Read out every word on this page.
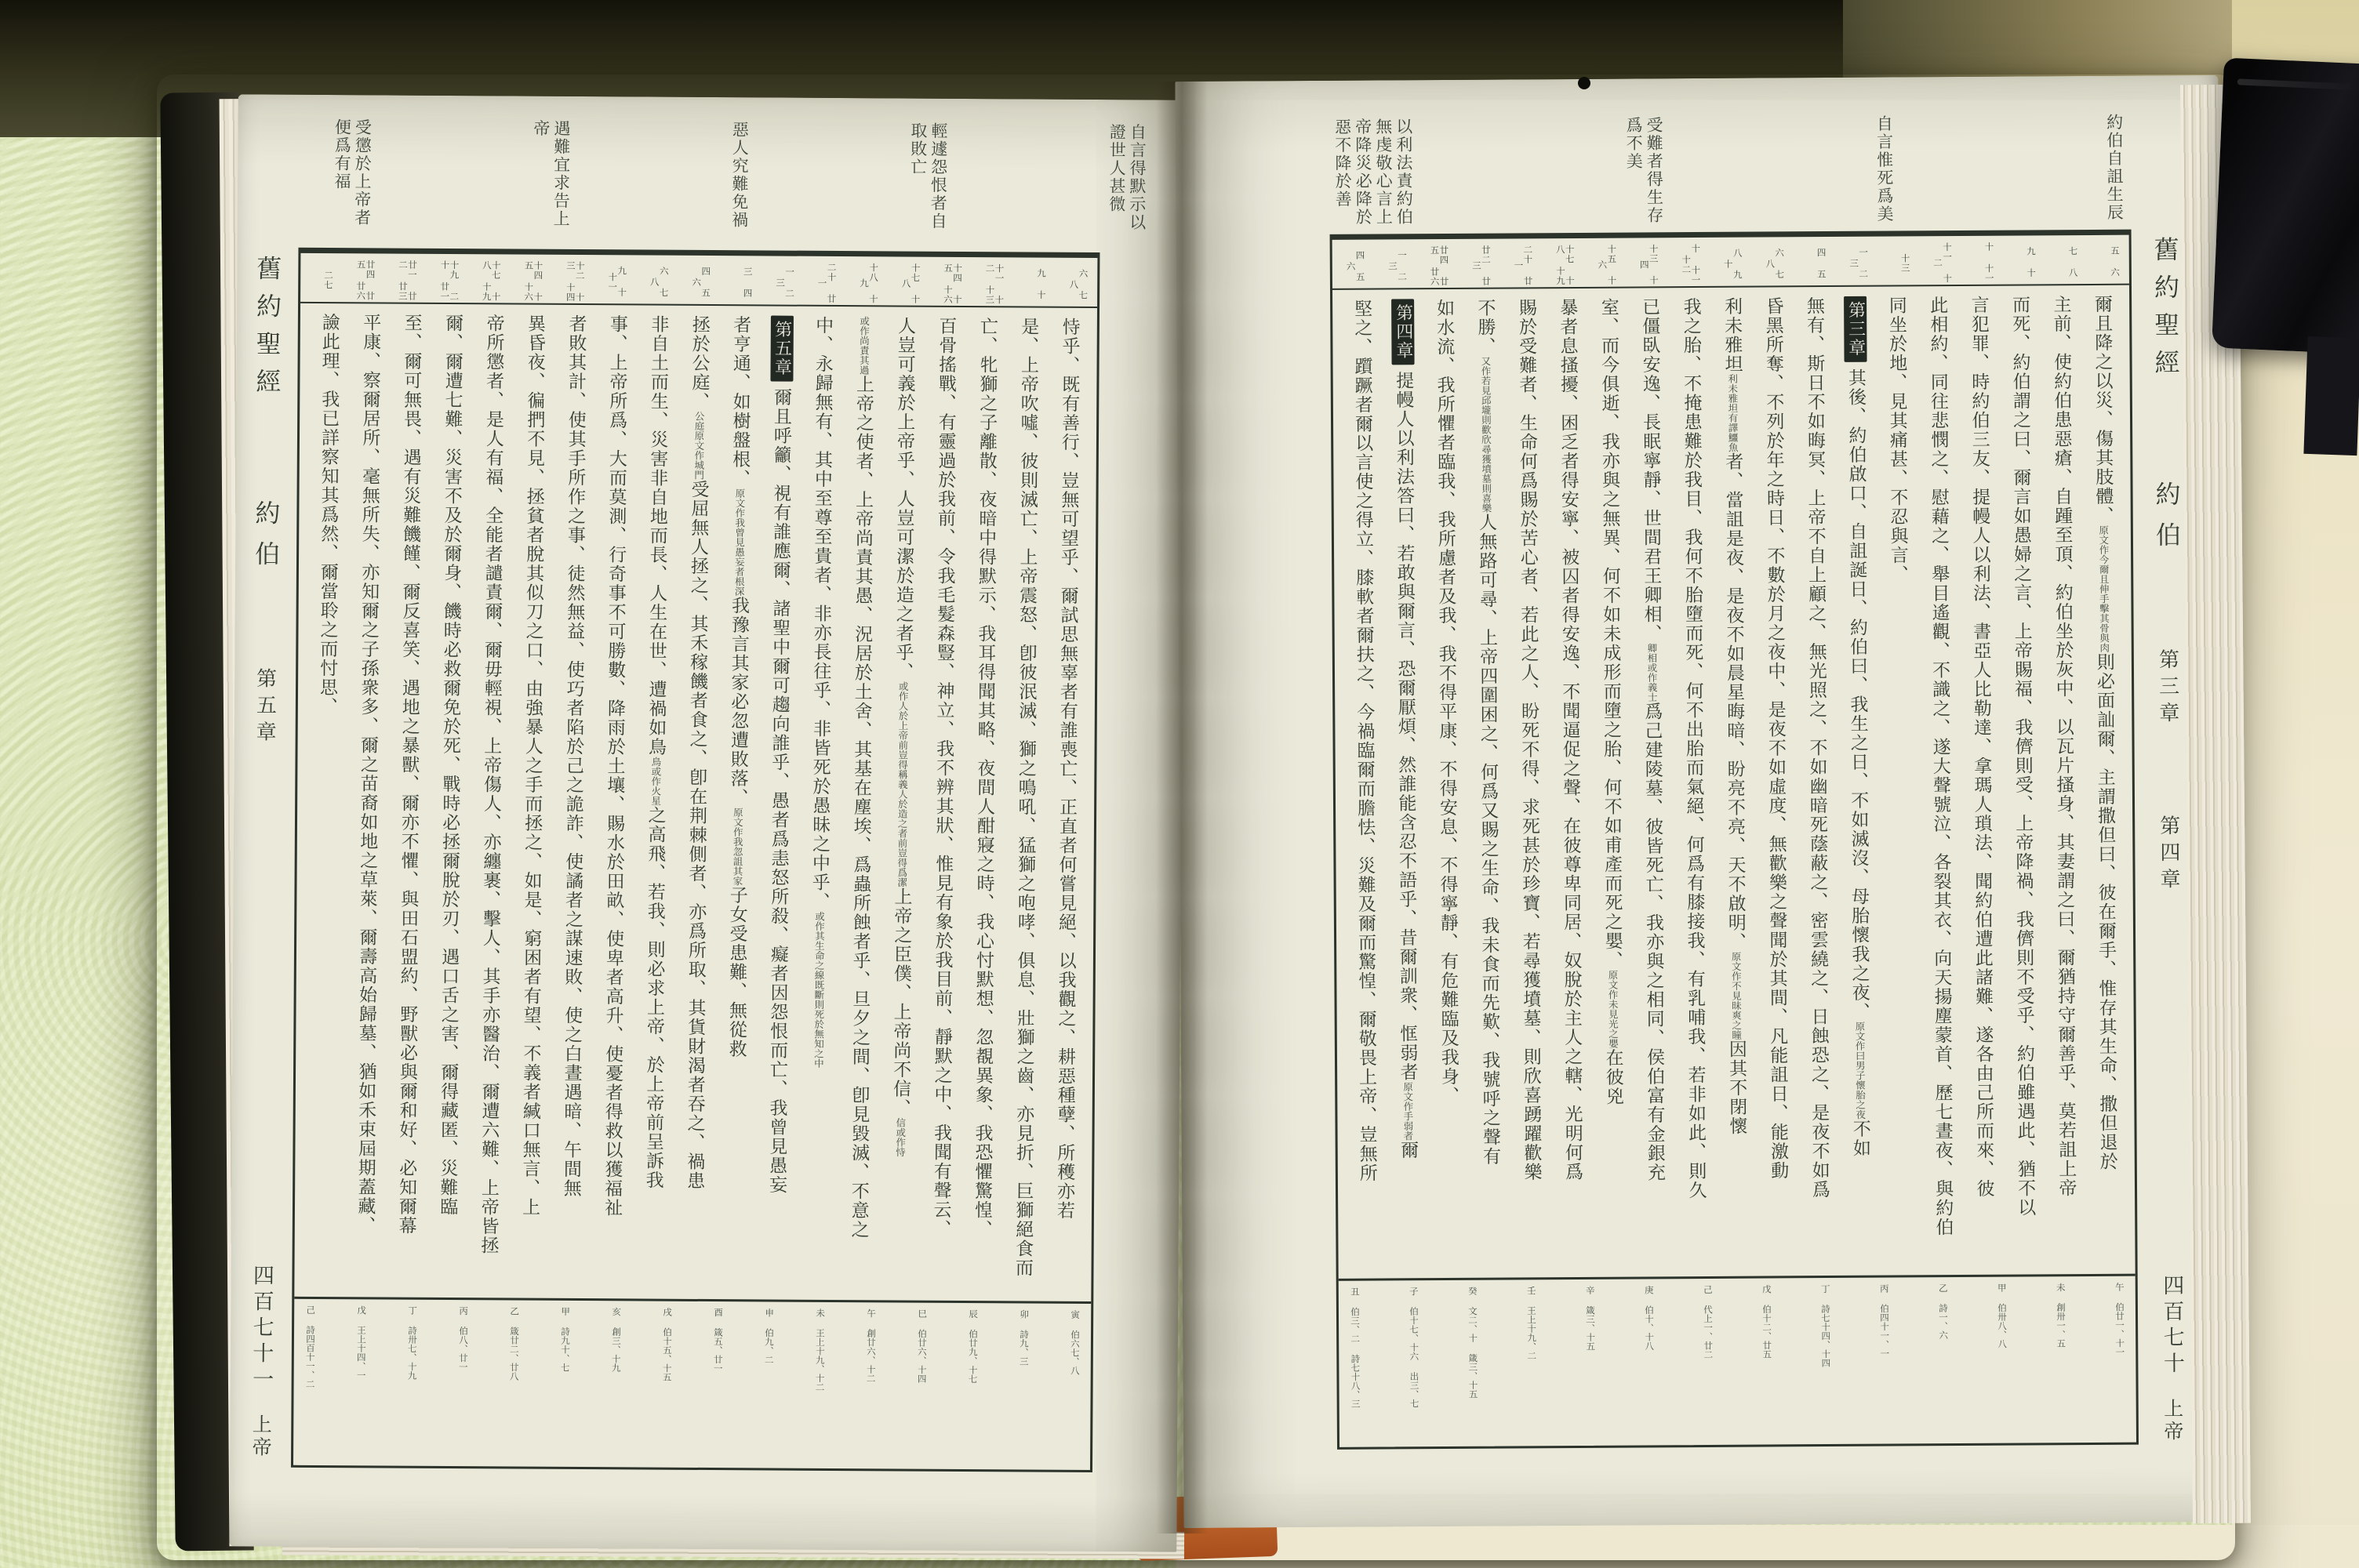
自言得默示以證世人甚微
輕遽怨恨者自取敗亡
惡人究難免禍
遇難宜求告上帝
受懲於上帝者便爲有福
舊約聖經
約伯
第五章
四百七十一
上帝
六 七 八
九 十
十一 十二 十三
十四 十五 十六
十七 十八
十八 十九
二十 廿一
一 二 三
三 四
四 五 六
六 七 八
九 十 十一
十二 十三 十四
十四 十五 十六
十七 十八 十九
十九 二十 廿一
廿一 廿二 廿三
廿四 廿五 廿六
二七
恃乎、既有善行、豈無可望乎、爾試思無辜者有誰喪亡、正直者何嘗見絕、以我觀之、耕惡種孽、所穫亦若
是、上帝吹噓、彼則滅亡、上帝震怒、卽彼泯滅、獅之鳴吼、猛獅之咆哮、俱息、壯獅之齒、亦見折、巨獅絕食而
亡、牝獅之子離散、夜暗中得默示、我耳得聞其略、夜間人酣寢之時、我心忖默想、忽覩異象、我恐懼驚惶、
百骨搖戰、有靈過於我前、令我毛髮森豎、神立、我不辨其狀、惟見有象於我目前、靜默之中、我聞有聲云、
人豈可義於上帝乎、人豈可潔於造之者乎、或作人於上帝前豈得稱義人於造之者前豈得爲潔上帝之臣僕、上帝尚不信、信或作恃
或作尚責其過上帝之使者、上帝尚責其愚、況居於土舍、其基在塵埃、爲蟲所蝕者乎、旦夕之間、卽見毀滅、不意之
中、永歸無有、其中至尊至貴者、非亦長往乎、非皆死於愚昧之中乎、或作其生命之線既斷則死於無知之中
第五章爾且呼籲、視有誰應爾、諸聖中爾可趨向誰乎、愚者爲恚怒所殺、癡者因怨恨而亡、我曾見愚妄
者亨通、如樹盤根、原文作我曾見愚妄者根深我豫言其家必忽遭敗落、原文作我忽詛其家子女受患難、無從救
拯於公庭、公庭原文作城門受屈無人拯之、其禾稼饑者食之、卽在荆棘側者、亦爲所取、其貨財渴者吞之、禍患
非自土而生、災害非自地而長、人生在世、遭禍如鳥鳥或作火星之高飛、若我、則必求上帝、於上帝前呈訴我
事、上帝所爲、大而莫測、行奇事不可勝數、降雨於土壤、賜水於田畝、使卑者高升、使憂者得救以獲福祉
者敗其計、使其手所作之事、徒然無益、使巧者陷於己之詭詐、使譎者之謀速敗、使之白晝遇暗、午間無
異昏夜、徧捫不見、拯貧者脫其似刀之口、由強暴人之手而拯之、如是、窮困者有望、不義者緘口無言、上
帝所懲者、是人有福、全能者譴責爾、爾毋輕視、上帝傷人、亦纏裹、擊人、其手亦醫治、爾遭六難、上帝皆拯
爾、爾遭七難、災害不及於爾身、饑時必救爾免於死、戰時必拯爾脫於刃、遇口舌之害、爾得藏匿、災難臨
至、爾可無畏、遇有災難饑饉、爾反喜笑、遇地之暴獸、爾亦不懼、與田石盟約、野獸必與爾和好、必知爾幕
平康、察爾居所、毫無所失、亦知爾之子孫衆多、爾之苗裔如地之草萊、爾壽高始歸墓、猶如禾束屆期蓋藏、
譣此理、我已詳察知其爲然、爾當聆之而忖思、
寅 伯六七、八
卯 詩九、三
辰 伯廿九、十七
巳 伯廿六、十四
午 創廿六、十二
未 王上十九、十二
申 伯九、二
酉 箴五、廿一
戌 伯十五、十五
亥 創三、十九
甲 詩九十、七
乙 箴廿二、廿八
丙 伯八、廿一
丁 詩卅七、十九
戊 王上十四、一
己 詩四百十一、二
約伯自詛生辰
自言惟死爲美
受難者得生存爲不美
以利法責約伯無虔敬心言上帝降災必降於惡不降於善
舊約聖經
約伯
第三章
第四章
四百七十
上帝
五 六
七 八
九 十
十 十一
十一 十二
十三
一 二 三
四 五
六 七 八
八 九 十
十 十一 十二
十三 十四
十五 十六
十七 十八 十九
二十 廿一
廿二 廿三
廿四 廿五 廿六
一 二 三
四 五 六
爾且降之以災、傷其肢體、原文作今爾且伸手擊其骨與肉則必面訕爾、主謂撒但曰、彼在爾手、惟存其生命、撒但退於
主前、使約伯患惡瘡、自踵至頂、約伯坐於灰中、以瓦片搔身、其妻謂之曰、爾猶持守爾善乎、莫若詛上帝
而死、約伯謂之曰、爾言如愚婦之言、上帝賜福、我儕則受、上帝降禍、我儕則不受乎、約伯雖遇此、猶不以
言犯罪、時約伯三友、提幔人以利法、書亞人比勒達、拿瑪人瑣法、聞約伯遭此諸難、遂各由己所而來、彼
此相約、同往悲憫之、慰藉之、舉目遙觀、不識之、遂大聲號泣、各裂其衣、向天揚塵蒙首、歷七晝夜、與約伯
同坐於地、見其痛甚、不忍與言、
第三章其後、約伯啟口、自詛誕日、約伯曰、我生之日、不如滅沒、母胎懷我之夜、原文作曰男子懷胎之夜不如
無有、斯日不如晦冥、上帝不自上顧之、無光照之、不如幽暗死蔭蔽之、密雲繞之、日蝕恐之、是夜不如爲
昏黑所奪、不列於年之時日、不數於月之夜中、是夜不如虛度、無歡樂之聲聞於其間、凡能詛日、能激動
利未雅坦利未雅坦有譯鱷魚者、當詛是夜、是夜不如晨星晦暗、盼亮不亮、天不啟明、原文作不見昧爽之瞳因其不閉懷
我之胎、不掩患難於我目、我何不胎墮而死、何不出胎而氣絕、何爲有膝接我、有乳哺我、若非如此、則久
已僵臥安逸、長眠寧靜、世間君王卿相、卿相或作義士爲己建陵墓、彼皆死亡、我亦與之相同、侯伯富有金銀充
室、而今俱逝、我亦與之無異、何不如未成形而墮之胎、何不如甫產而死之嬰、原文作未見光之嬰在彼兇
暴者息搔擾、困乏者得安寧、被囚者得安逸、不聞逼促之聲、在彼尊卑同居、奴脫於主人之轄、光明何爲
賜於受難者、生命何爲賜於苦心者、若此之人、盼死不得、求死甚於珍寶、若尋獲墳墓、則欣喜踴躍歡樂
不勝、又作若見邱壠則歡欣尋獲墳墓則喜樂人無路可尋、上帝四圍困之、何爲又賜之生命、我未食而先歎、我號呼之聲有
如水流、我所懼者臨我、我所慮者及我、我不得平康、不得安息、不得寧靜、有危難臨及我身、
第四章提幔人以利法答曰、若敢與爾言、恐爾厭煩、然誰能含忍不語乎、昔爾訓衆、恇弱者原文作手弱者爾
堅之、躓蹶者爾以言使之得立、膝軟者爾扶之、今禍臨爾而膽怯、災難及爾而驚惶、爾敬畏上帝、豈無所
午 伯廿一、十一
未 創卅一、五
甲 伯卅八、八
乙 詩一、六
丙 伯四十一、一
丁 詩七十四、十四
戊 伯十二、廿五
己 代上一、廿二
庚 伯十、十八
辛 箴三、十五
壬 王上十九、二
癸 文二、十 箴三、十五
子 伯十七、十六 出三、七
丑 伯三、二 詩七十八、三
